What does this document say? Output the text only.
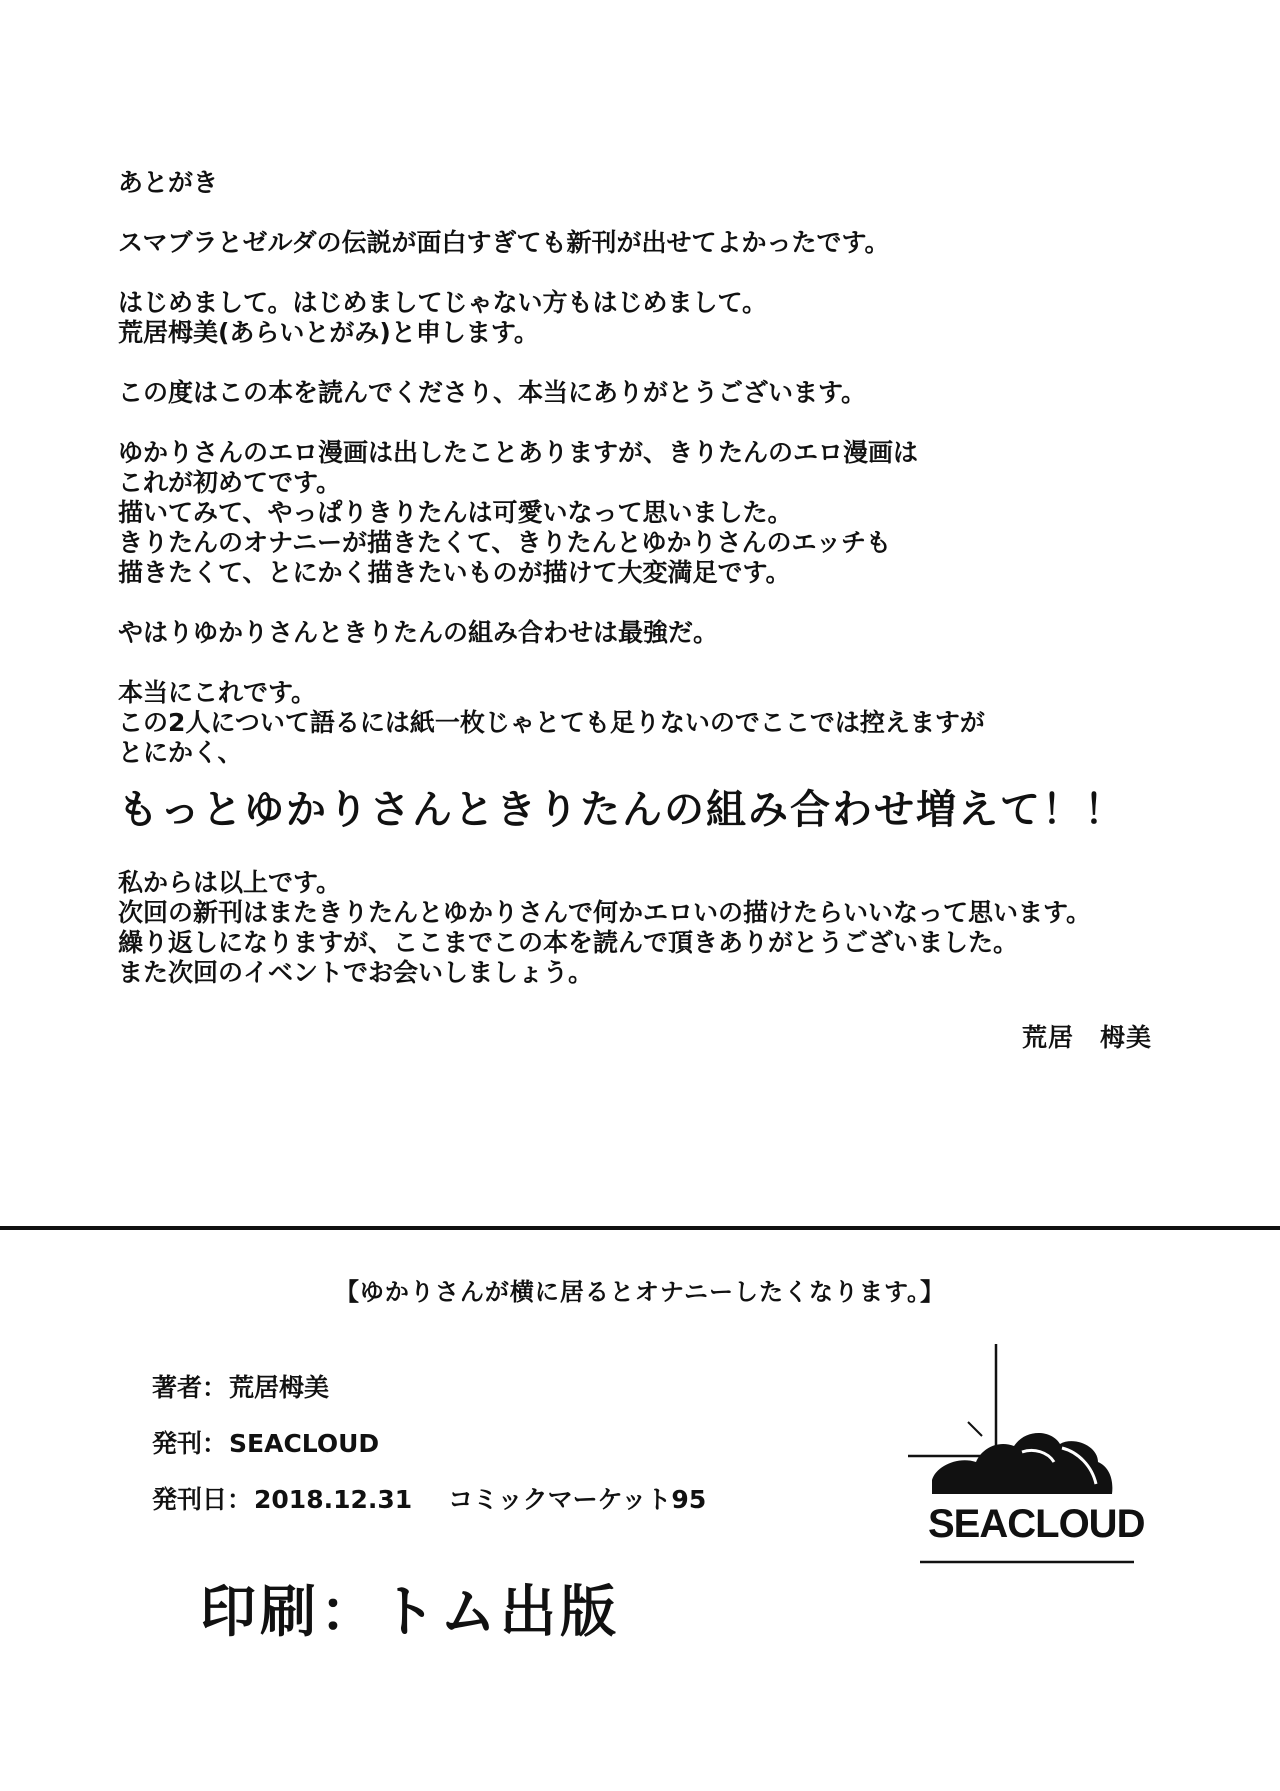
あとがき

スマブラとゼルダの伝説が面白すぎても新刊が出せてよかったです。

はじめまして。はじめましてじゃない方もはじめまして。

荒居栂美(あらいとがみ)と申します。

この度はこの本を読んでくださり、本当にありがとうございます。

ゆかりさんのエロ漫画は出したことありますが、きりたんのエロ漫画は

これが初めてです。

描いてみて、やっぱりきりたんは可愛いなって思いました。

きりたんのオナニーが描きたくて、きりたんとゆかりさんのエッチも

描きたくて、とにかく描きたいものが描けて大変満足です。

やはりゆかりさんときりたんの組み合わせは最強だ。

本当にこれです。

この2人について語るには紙一枚じゃとても足りないのでここでは控えますが

とにかく、

もっとゆかりさんときりたんの組み合わせ増えて！！

私からは以上です。

次回の新刊はまたきりたんとゆかりさんで何かエロいの描けたらいいなって思います。

繰り返しになりますが、ここまでこの本を読んで頂きありがとうございました。

また次回のイベントでお会いしましょう。

荒居　栂美
【ゆかりさんが横に居るとオナニーしたくなります。】
著者：荒居栂美
発刊：SEACLOUD
発刊日：2018.12.31 コミックマーケット95
印刷：トム出版
SEACLOUD
